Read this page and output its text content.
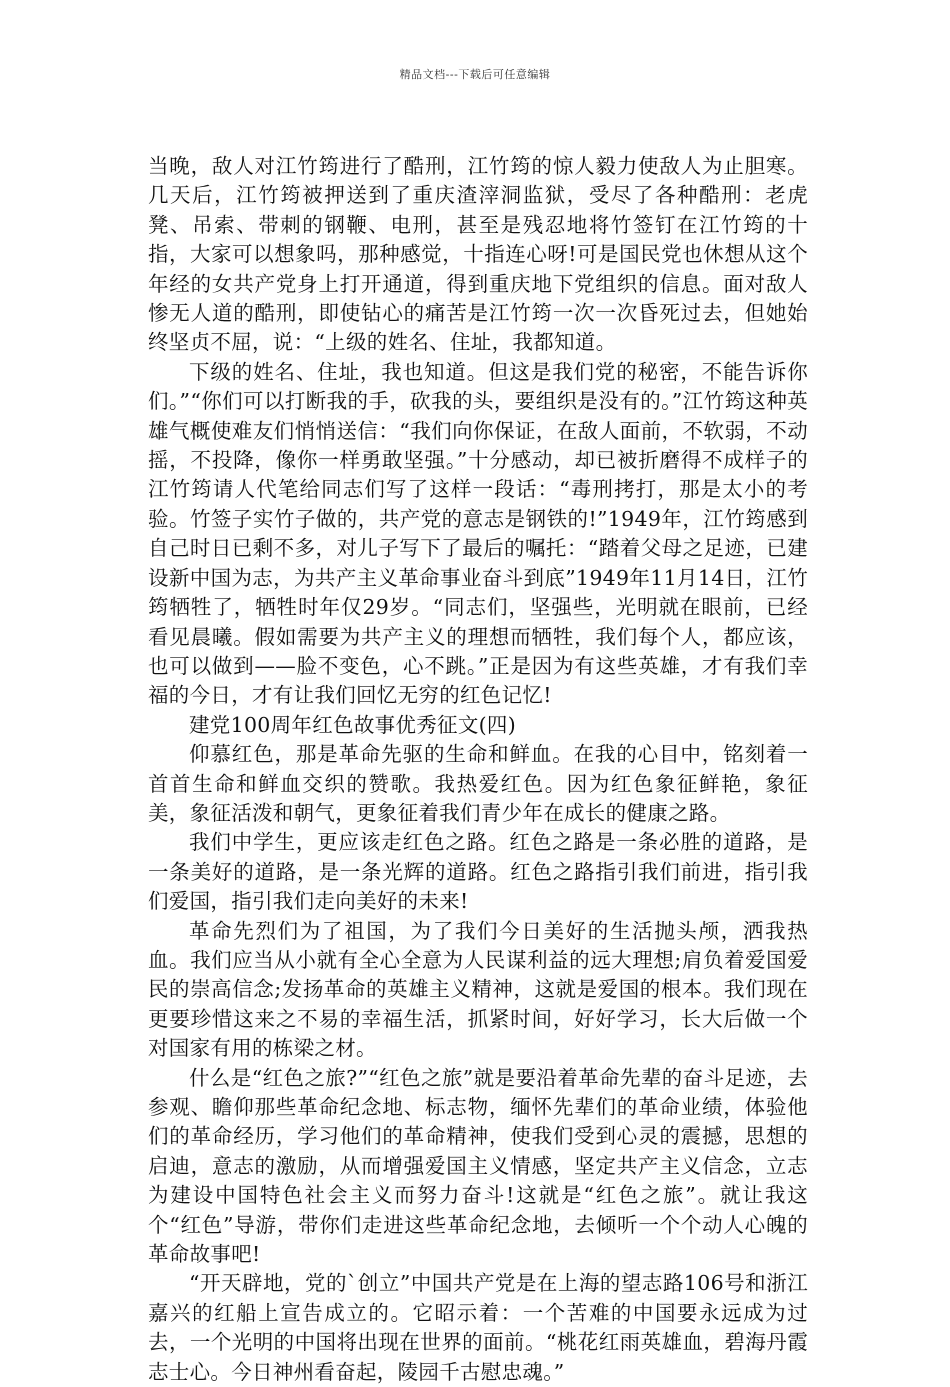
精品文档---下载后可任意编辑

当晚，敌人对江竹筠进行了酷刑，江竹筠的惊人毅力使敌人为止胆寒。几天后，江竹筠被押送到了重庆渣滓洞监狱，受尽了各种酷刑：老虎凳、吊索、带刺的钢鞭、电刑，甚至是残忍地将竹签钉在江竹筠的十指，大家可以想象吗，那种感觉，十指连心呀!可是国民党也休想从这个年经的女共产党身上打开通道，得到重庆地下党组织的信息。面对敌人惨无人道的酷刑，即使钻心的痛苦是江竹筠一次一次昏死过去，但她始终坚贞不屈，说：“上级的姓名、住址，我都知道。

下级的姓名、住址，我也知道。但这是我们党的秘密，不能告诉你们。”“你们可以打断我的手，砍我的头，要组织是没有的。”江竹筠这种英雄气概使难友们悄悄送信：“我们向你保证，在敌人面前，不软弱，不动摇，不投降，像你一样勇敢坚强。”十分感动，却已被折磨得不成样子的江竹筠请人代笔给同志们写了这样一段话：“毒刑拷打，那是太小的考验。竹签子实竹子做的，共产党的意志是钢铁的!”1949年，江竹筠感到自己时日已剩不多，对儿子写下了最后的嘱托：“踏着父母之足迹，已建设新中国为志，为共产主义革命事业奋斗到底”1949年11月14日，江竹筠牺牲了，牺牲时年仅29岁。“同志们，坚强些，光明就在眼前，已经看见晨曦。假如需要为共产主义的理想而牺牲，我们每个人，都应该，也可以做到——脸不变色，心不跳。”正是因为有这些英雄，才有我们幸福的今日，才有让我们回忆无穷的红色记忆!

建党100周年红色故事优秀征文(四)

仰慕红色，那是革命先驱的生命和鲜血。在我的心目中，铭刻着一首首生命和鲜血交织的赞歌。我热爱红色。因为红色象征鲜艳，象征美，象征活泼和朝气，更象征着我们青少年在成长的健康之路。

我们中学生，更应该走红色之路。红色之路是一条必胜的道路，是一条美好的道路，是一条光辉的道路。红色之路指引我们前进，指引我们爱国，指引我们走向美好的未来!

革命先烈们为了祖国，为了我们今日美好的生活抛头颅，洒我热血。我们应当从小就有全心全意为人民谋利益的远大理想;肩负着爱国爱民的崇高信念;发扬革命的英雄主义精神，这就是爱国的根本。我们现在更要珍惜这来之不易的幸福生活，抓紧时间，好好学习，长大后做一个对国家有用的栋梁之材。

什么是“红色之旅?”“红色之旅”就是要沿着革命先辈的奋斗足迹，去参观、瞻仰那些革命纪念地、标志物，缅怀先辈们的革命业绩，体验他们的革命经历，学习他们的革命精神，使我们受到心灵的震撼，思想的启迪，意志的激励，从而增强爱国主义情感，坚定共产主义信念，立志为建设中国特色社会主义而努力奋斗!这就是“红色之旅”。就让我这个“红色”导游，带你们走进这些革命纪念地，去倾听一个个动人心魄的革命故事吧!

“开天辟地，党的`创立”中国共产党是在上海的望志路106号和浙江嘉兴的红船上宣告成立的。它昭示着：一个苦难的中国要永远成为过去，一个光明的中国将出现在世界的面前。“桃花红雨英雄血，碧海丹霞志士心。今日神州看奋起，陵园千古慰忠魂。”
